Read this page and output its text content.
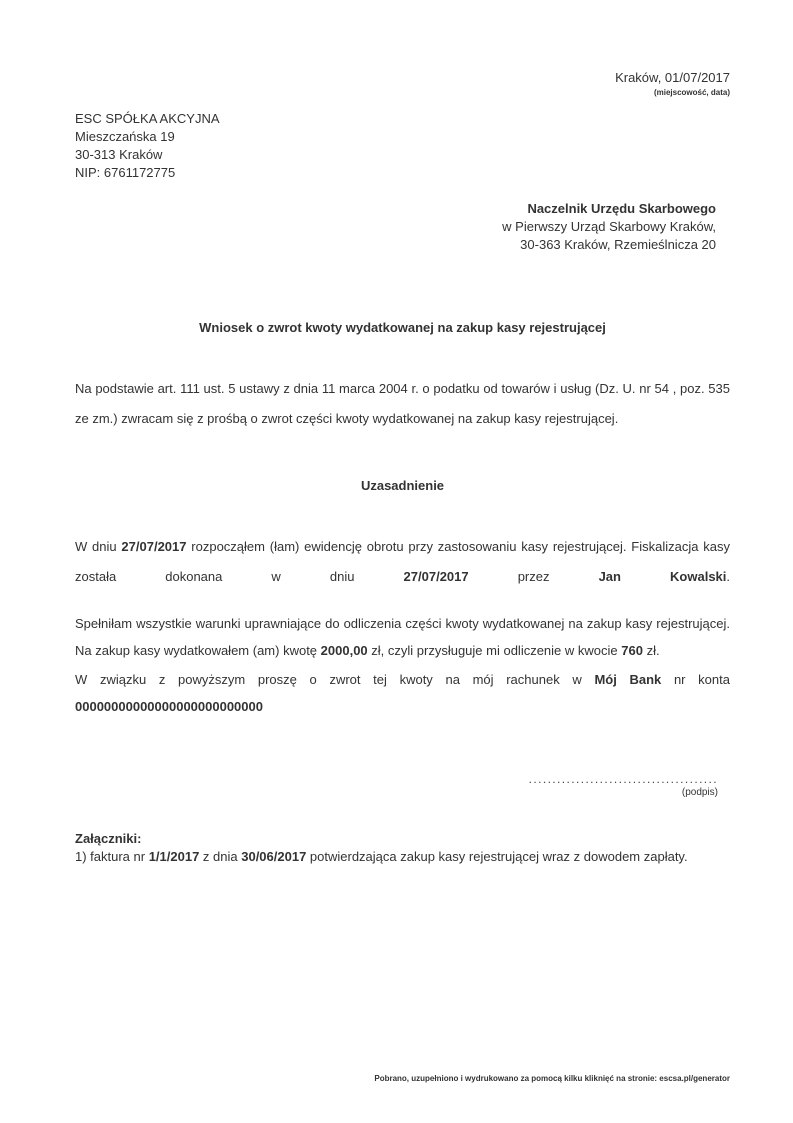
Kraków, 01/07/2017
(miejscowość, data)
ESC SPÓŁKA AKCYJNA
Mieszczańska 19
30-313 Kraków
NIP: 6761172775
Naczelnik Urzędu Skarbowego
w Pierwszy Urząd Skarbowy Kraków,
30-363 Kraków, Rzemieślnicza 20
Wniosek o zwrot kwoty wydatkowanej na zakup kasy rejestrującej

Na podstawie art. 111 ust. 5 ustawy z dnia 11 marca 2004 r. o podatku od towarów i usług (Dz. U. nr 54 , poz. 535 ze zm.) zwracam się z prośbą o zwrot części kwoty wydatkowanej na zakup kasy rejestrującej.

Uzasadnienie

W dniu 27/07/2017 rozpocząłem (łam) ewidencję obrotu przy zastosowaniu kasy rejestrującej. Fiskalizacja kasy została dokonana w dniu 27/07/2017 przez Jan Kowalski.

Spełniłam wszystkie warunki uprawniające do odliczenia części kwoty wydatkowanej na zakup kasy rejestrującej. Na zakup kasy wydatkowałem (am) kwotę 2000,00 zł, czyli przysługuje mi odliczenie w kwocie 760 zł.

W związku z powyższym proszę o zwrot tej kwoty na mój rachunek w Mój Bank nr konta 00000000000000000000000000

........................................
(podpis)
Załączniki:

1) faktura nr 1/1/2017 z dnia 30/06/2017 potwierdzająca zakup kasy rejestrującej wraz z dowodem zapłaty.

Pobrano, uzupełniono i wydrukowano za pomocą kilku kliknięć na stronie: escsa.pl/generator
